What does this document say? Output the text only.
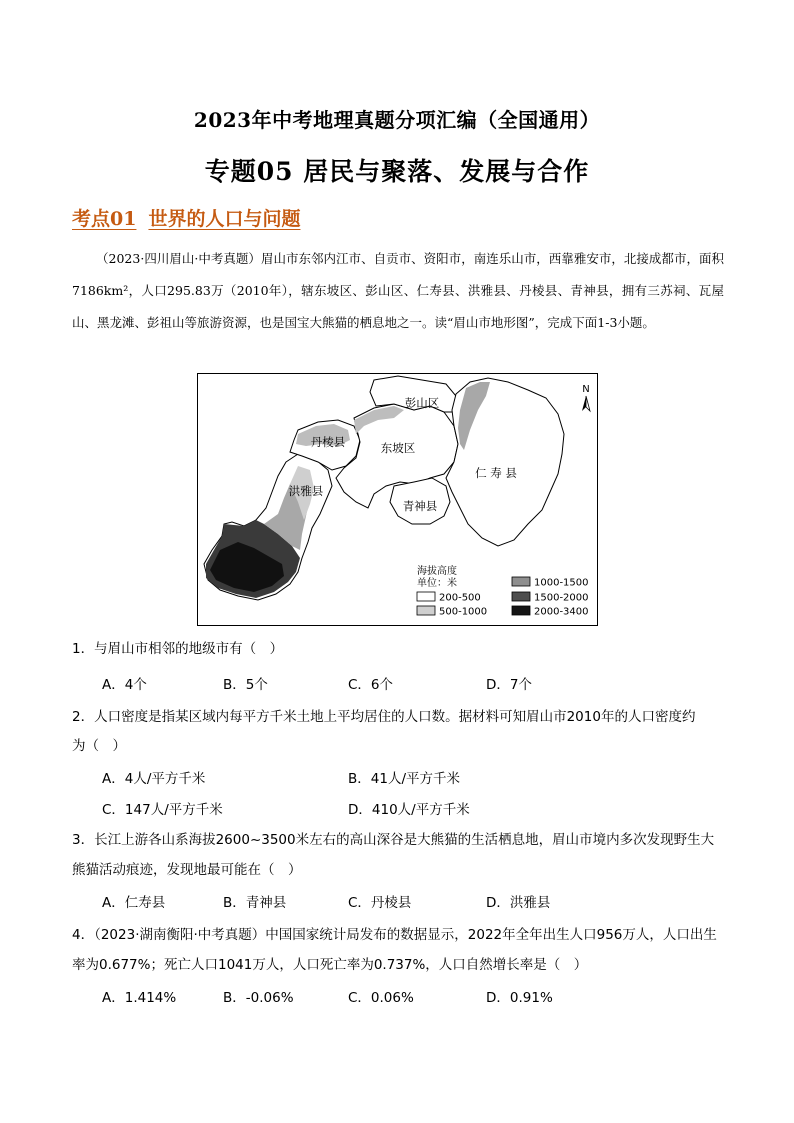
2023年中考地理真题分项汇编（全国通用）
专题05 居民与聚落、发展与合作
考点01 世界的人口与问题
（2023·四川眉山·中考真题）眉山市东邻内江市、自贡市、资阳市，南连乐山市，西靠雅安市，北接成都市，面积7186km²，人口295.83万（2010年），辖东坡区、彭山区、仁寿县、洪雅县、丹棱县、青神县，拥有三苏祠、瓦屋山、黑龙滩、彭祖山等旅游资源，也是国宝大熊猫的栖息地之一。读“眉山市地形图”，完成下面1-3小题。
彭山区
东坡区
丹棱县
洪雅县
青神县
仁 寿 县
N
海拔高度
单位：米
200-500
500-1000
1000-1500
1500-2000
2000-3400
1．与眉山市相邻的地级市有（　）
A．4个	B．5个	C．6个	D．7个
2．人口密度是指某区域内每平方千米土地上平均居住的人口数。据材料可知眉山市2010年的人口密度约
为（　）
A．4人/平方千米	B．41人/平方千米
C．147人/平方千米	D．410人/平方千米
3．长江上游各山系海拔2600~3500米左右的高山深谷是大熊猫的生活栖息地，眉山市境内多次发现野生大
熊猫活动痕迹，发现地最可能在（　）
A．仁寿县	B．青神县	C．丹棱县	D．洪雅县
4．（2023·湖南衡阳·中考真题）中国国家统计局发布的数据显示，2022年全年出生人口956万人，人口出生
率为0.677%；死亡人口1041万人，人口死亡率为0.737%，人口自然增长率是（　）
A．1.414%	B．-0.06%	C．0.06%	D．0.91%
